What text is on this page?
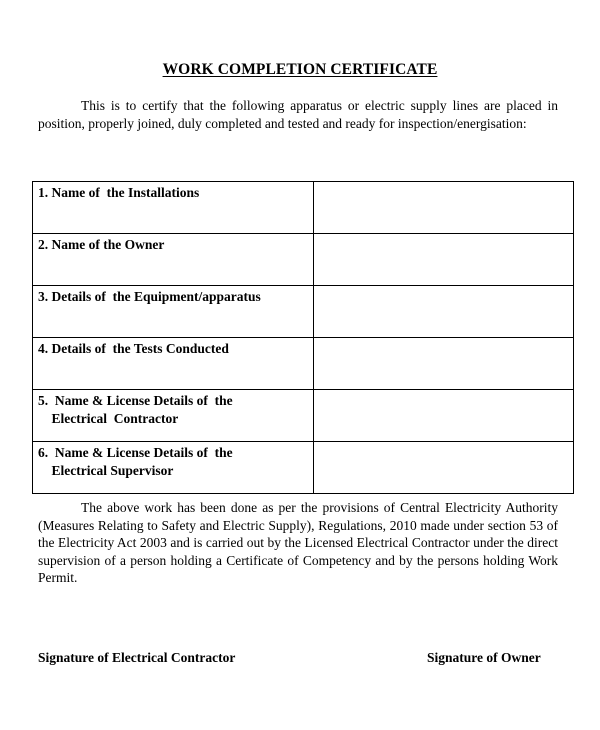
WORK COMPLETION CERTIFICATE

This is to certify that the following apparatus or electric supply lines are placed in position, properly joined, duly completed and tested and ready for inspection/energisation:

1. Name of  the Installations	

2. Name of the Owner	

3. Details of  the Equipment/apparatus	

4. Details of  the Tests Conducted	

5.  Name & License Details of  the
Electrical  Contractor	

6.  Name & License Details of  the
Electrical Supervisor	

The above work has been done as per the provisions of Central Electricity Authority (Measures Relating to Safety and Electric Supply), Regulations, 2010 made under section 53 of the Electricity Act 2003 and is carried out by the Licensed Electrical Contractor under the direct supervision of a person holding a Certificate of Competency and by the persons holding Work Permit.

Signature of Electrical Contractor	Signature of Owner
